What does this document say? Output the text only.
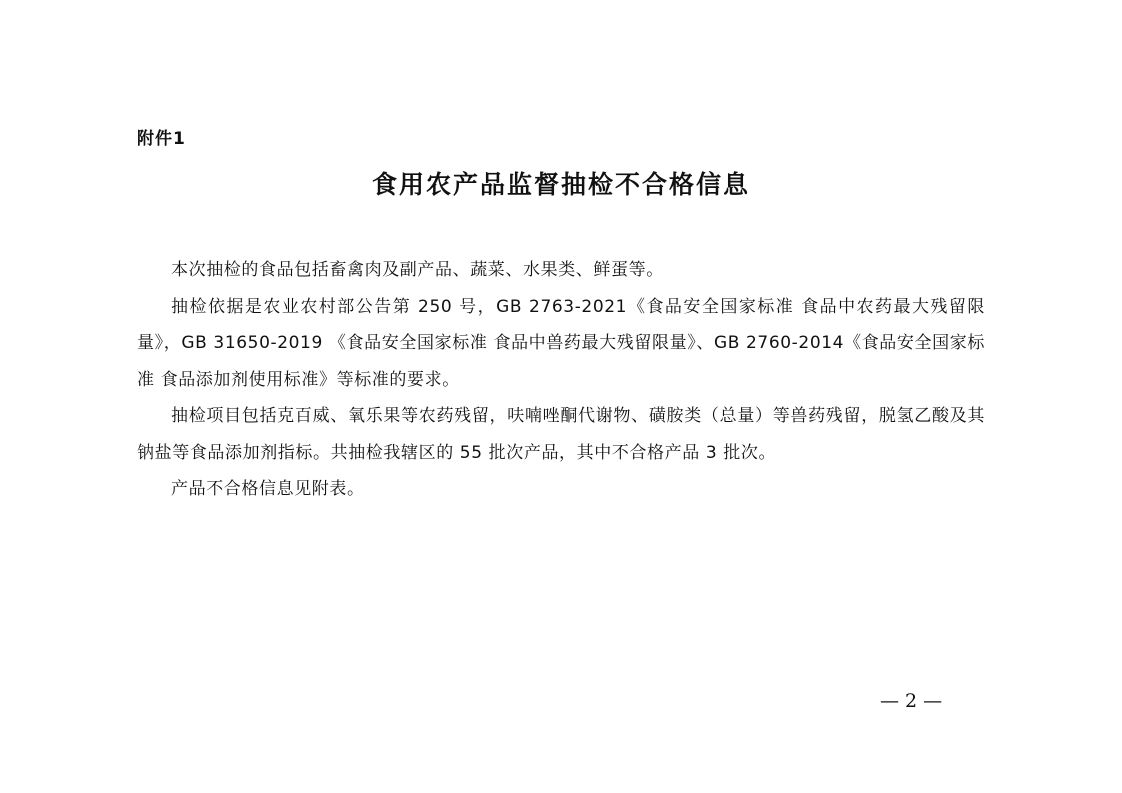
附件1
食用农产品监督抽检不合格信息

本次抽检的食品包括畜禽肉及副产品、蔬菜、水果类、鲜蛋等。

抽检依据是农业农村部公告第 250 号，GB 2763-2021《食品安全国家标准 食品中农药最大残留限量》，GB 31650-2019 《食品安全国家标准 食品中兽药最大残留限量》、GB 2760-2014《食品安全国家标准 食品添加剂使用标准》等标准的要求。

抽检项目包括克百威、氧乐果等农药残留，呋喃唑酮代谢物、磺胺类（总量）等兽药残留，脱氢乙酸及其钠盐等食品添加剂指标。共抽检我辖区的 55 批次产品，其中不合格产品 3 批次。

产品不合格信息见附表。

— 2 —
